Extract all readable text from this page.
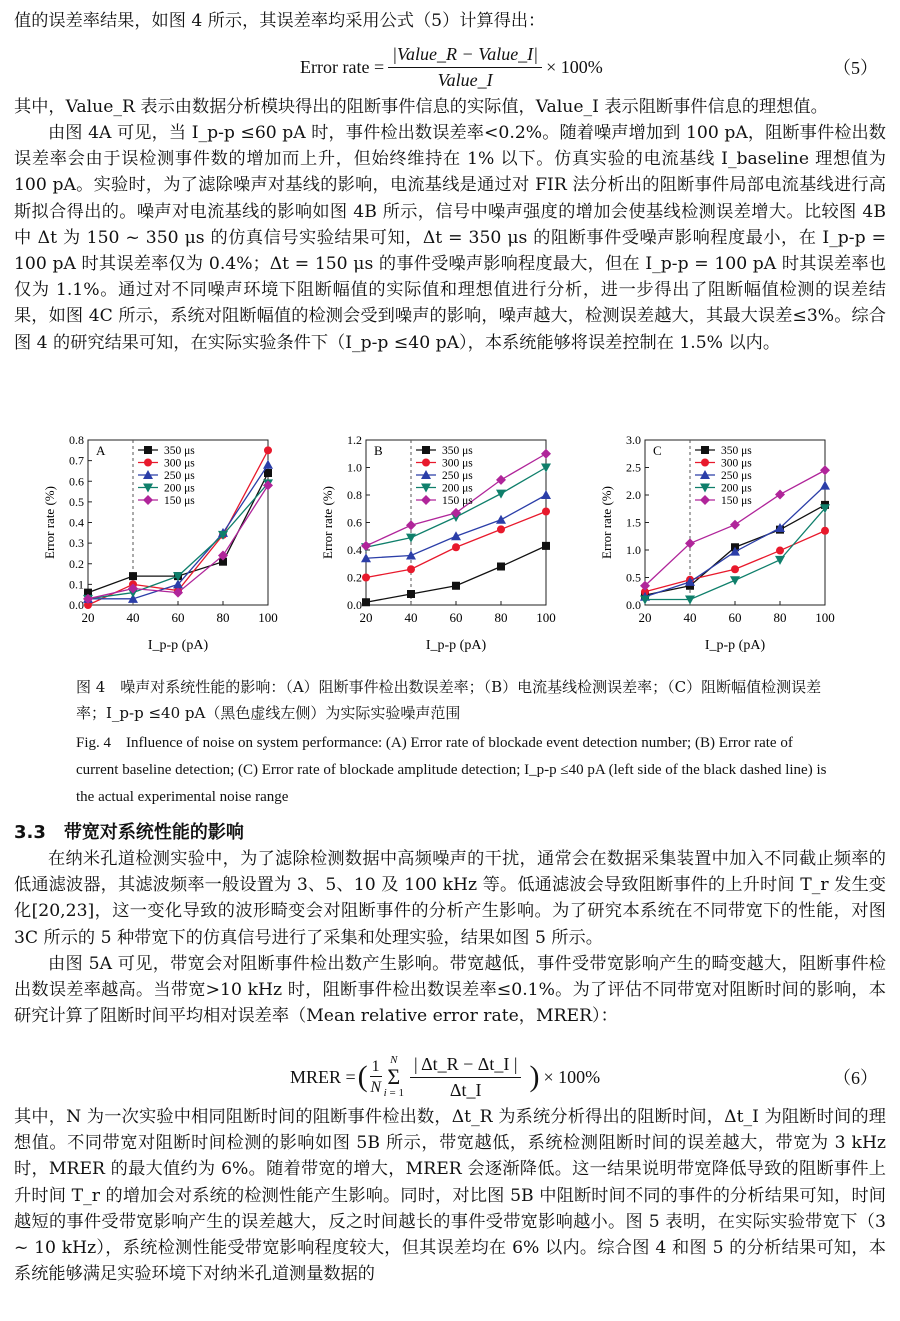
值的误差率结果，如图 4 所示，其误差率均采用公式（5）计算得出：

Error rate = $\frac{\text{|Value\_R − Value\_I|}}{\text{Value\_I}} \times 100\%$	（5）

其中，Value_R 表示由数据分析模块得出的阻断事件信息的实际值，Value_I 表示阻断事件信息的理想值。

由图 4A 可见，当 I_p-p ≤60 pA 时，事件检出数误差率<0.2%。随着噪声增加到 100 pA，阻断事件检出数误差率会由于误检测事件数的增加而上升，但始终维持在 1% 以下。仿真实验的电流基线 I_baseline 理想值为 100 pA。实验时，为了滤除噪声对基线的影响，电流基线是通过对 FIR 法分析出的阻断事件局部电流基线进行高斯拟合得出的。噪声对电流基线的影响如图 4B 所示，信号中噪声强度的增加会使基线检测误差增大。比较图 4B 中 Δt 为 150 ~ 350 μs 的仿真信号实验结果可知，Δt = 350 μs 的阻断事件受噪声影响程度最小，在 I_p-p = 100 pA 时其误差率仅为 0.4%；Δt = 150 μs 的事件受噪声影响程度最大，但在 I_p-p = 100 pA 时其误差率也仅为 1.1%。通过对不同噪声环境下阻断幅值的实际值和理想值进行分析，进一步得出了阻断幅值检测的误差结果，如图 4C 所示，系统对阻断幅值的检测会受到噪声的影响，噪声越大，检测误差越大，其最大误差≤3%。综合图 4 的研究结果可知，在实际实验条件下（I_p-p ≤40 pA），本系统能够将误差控制在 1.5% 以内。

0.0
0.1
0.2
0.3
0.4
0.5
0.6
0.7
0.8
20 40 60 80 100
A	350 μs
300 μs
250 μs
200 μs
150 μs
Error rate (%)
I_p-p (pA)
0.0
0.2
0.4
0.6
0.8
1.0
1.2
20 40 60 80 100
B	350 μs
300 μs
250 μs
200 μs
150 μs
Error rate (%)
I_p-p (pA)
0.0
0.5
1.0
1.5
2.0
2.5
3.0
20 40 60 80 100
C	350 μs
300 μs
250 μs
200 μs
150 μs
Error rate (%)
I_p-p (pA)

图 4　噪声对系统性能的影响：（A）阻断事件检出数误差率；（B）电流基线检测误差率；（C）阻断幅值检测误差率；I_p-p ≤40 pA（黑色虚线左侧）为实际实验噪声范围

Fig. 4　Influence of noise on system performance: (A) Error rate of blockade event detection number; (B) Error rate of current baseline detection; (C) Error rate of blockade amplitude detection; I_p-p ≤40 pA (left side of the black dashed line) is the actual experimental noise range

3.3　带宽对系统性能的影响

在纳米孔道检测实验中，为了滤除检测数据中高频噪声的干扰，通常会在数据采集装置中加入不同截止频率的低通滤波器，其滤波频率一般设置为 3、5、10 及 100 kHz 等。低通滤波会导致阻断事件的上升时间 T_r 发生变化[20,23]，这一变化导致的波形畸变会对阻断事件的分析产生影响。为了研究本系统在不同带宽下的性能，对图 3C 所示的 5 种带宽下的仿真信号进行了采集和处理实验，结果如图 5 所示。

由图 5A 可见，带宽会对阻断事件检出数产生影响。带宽越低，事件受带宽影响产生的畸变越大，阻断事件检出数误差率越高。当带宽>10 kHz 时，阻断事件检出数误差率≤0.1%。为了评估不同带宽对阻断时间的影响，本研究计算了阻断时间平均相对误差率（Mean relative error rate，MRER）：

MRER = ( $\frac{1}{N}$ N
Σ
$i = 1 \frac{| \Delta t\_R - \Delta t\_I |}{\Delta t\_I}$ ) × 100%	（6）

其中，N 为一次实验中相同阻断时间的阻断事件检出数，Δt_R 为系统分析得出的阻断时间，Δt_I 为阻断时间的理想值。不同带宽对阻断时间检测的影响如图 5B 所示，带宽越低，系统检测阻断时间的误差越大，带宽为 3 kHz 时，MRER 的最大值约为 6%。随着带宽的增大，MRER 会逐渐降低。这一结果说明带宽降低导致的阻断事件上升时间 T_r 的增加会对系统的检测性能产生影响。同时，对比图 5B 中阻断时间不同的事件的分析结果可知，时间越短的事件受带宽影响产生的误差越大，反之时间越长的事件受带宽影响越小。图 5 表明，在实际实验带宽下（3 ~ 10 kHz），系统检测性能受带宽影响程度较大，但其误差均在 6% 以内。综合图 4 和图 5 的分析结果可知，本系统能够满足实验环境下对纳米孔道测量数据的
